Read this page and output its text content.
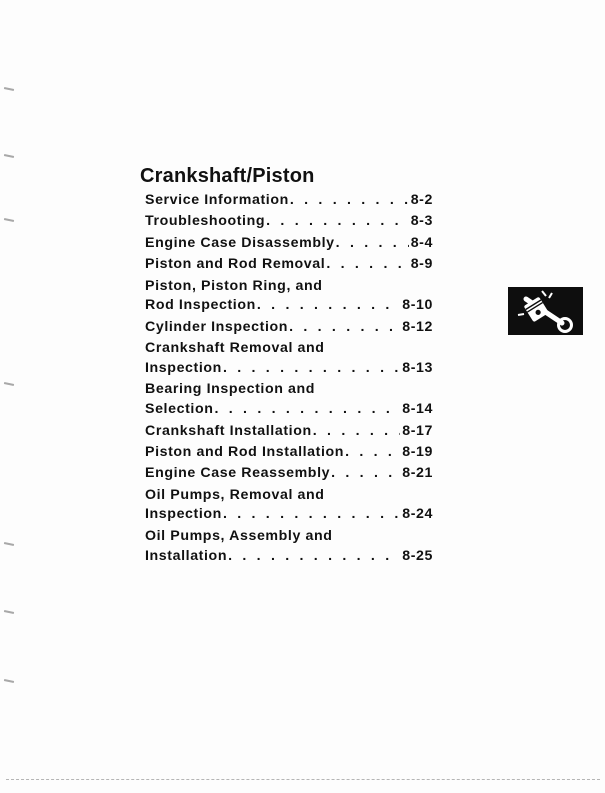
Crankshaft/Piston
Service Information . . .	8-2
Troubleshooting . . .	8-3
Engine Case Disassembly . . .	8-4
Piston and Rod Removal . . .	8-9
Piston, Piston Ring, and
Rod Inspection . . .	8-10
Cylinder Inspection . . .	8-12
Crankshaft Removal and
Inspection . . .	8-13
Bearing Inspection and
Selection . . .	8-14
Crankshaft Installation . . .	8-17
Piston and Rod Installation . . .	8-19
Engine Case Reassembly . . .	8-21
Oil Pumps, Removal and
Inspection . . .	8-24
Oil Pumps, Assembly and
Installation . . .	8-25
